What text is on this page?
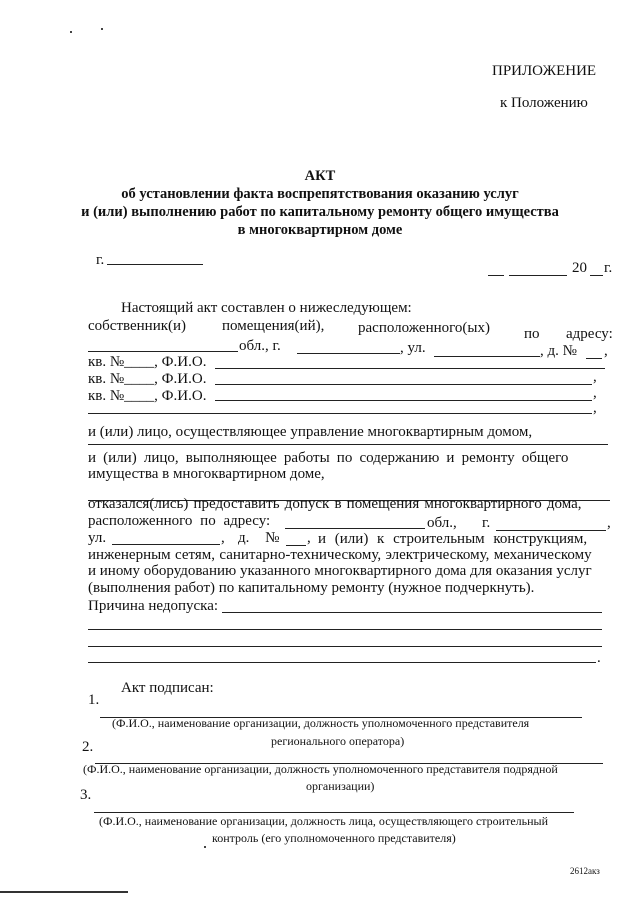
ПРИЛОЖЕНИЕ
к Положению
АКТ
об установлении факта воспрепятствования оказанию услуг
и (или) выполнению работ по капитальному ремонту общего имущества
в многоквартирном доме
г.	20 г.
Настоящий акт составлен о нижеследующем:
собственник(и) помещения(ий), расположенного(ых) по адресу:
обл., г.	, ул.	, д. № ,
кв. №____, Ф.И.О.
кв. №____, Ф.И.О.	,
кв. №____, Ф.И.О.	,
,
и (или) лицо, осуществляющее управление многоквартирным домом,
и (или) лицо, выполняющее работы по содержанию и ремонту общего
имущества в многоквартирном доме,
отказался(лись) предоставить допуск в помещения многоквартирного дома,
расположенного по адресу:	обл., г.	,
ул.	, д. № , и (или) к строительным конструкциям,
инженерным сетям, санитарно-техническому, электрическому, механическому
и иному оборудованию указанного многоквартирного дома для оказания услуг
(выполнения работ) по капитальному ремонту (нужное подчеркнуть).
Причина недопуска:
.
Акт подписан:
1.
(Ф.И.О., наименование организации, должность уполномоченного представителя
регионального оператора)
2.
(Ф.И.О., наименование организации, должность уполномоченного представителя подрядной
организации)
3.
(Ф.И.О., наименование организации, должность лица, осуществляющего строительный
контроль (его уполномоченного представителя)
2612акз
